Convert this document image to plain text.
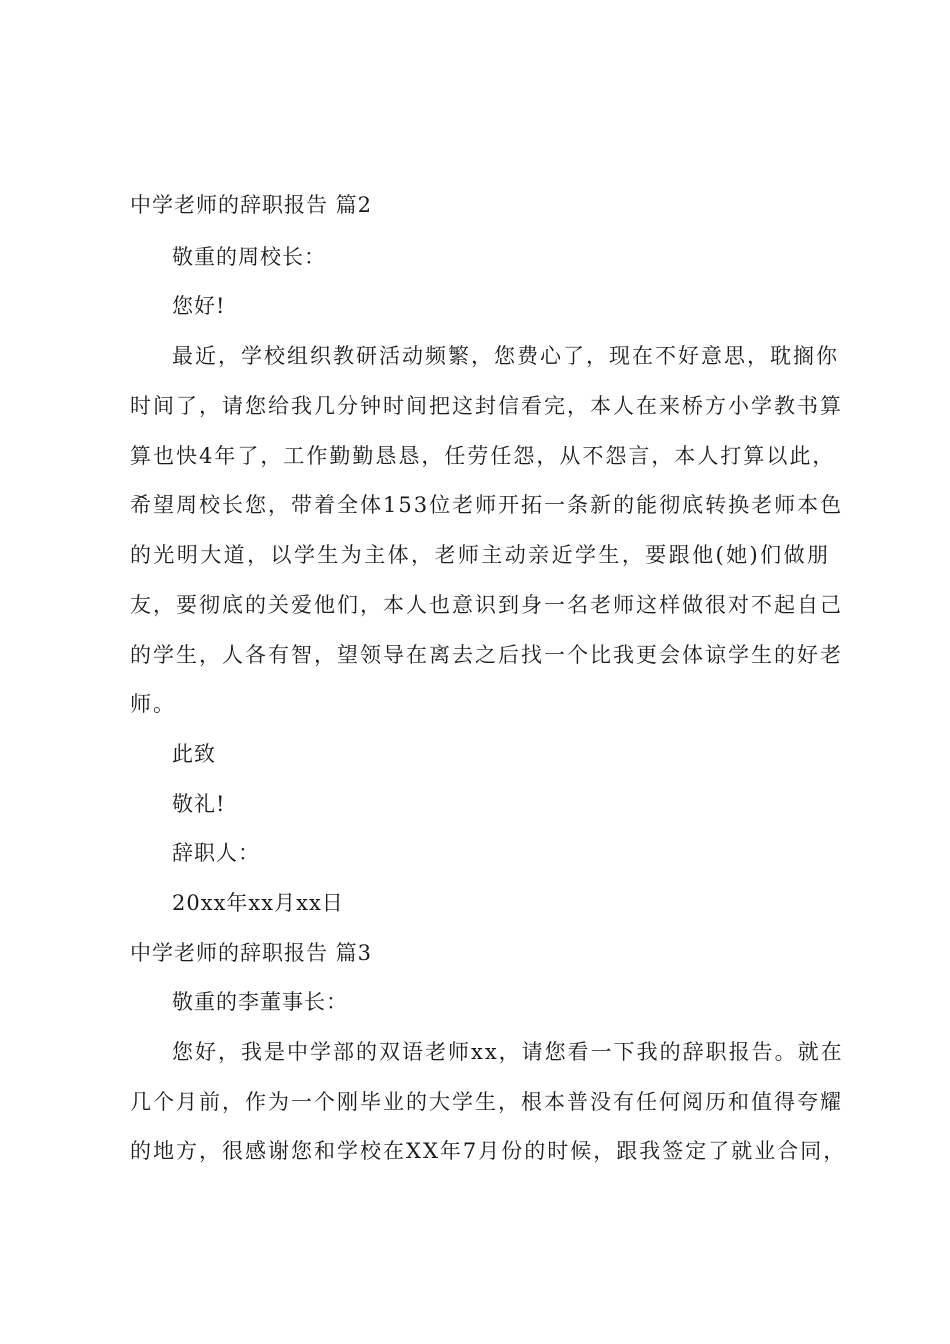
中学老师的辞职报告 篇2
敬重的周校长：
您好!
最近，学校组织教研活动频繁，您费心了，现在不好意思，耽搁你
时间了，请您给我几分钟时间把这封信看完，本人在来桥方小学教书算
算也快4年了，工作勤勤恳恳，任劳任怨，从不怨言，本人打算以此，
希望周校长您，带着全体153位老师开拓一条新的能彻底转换老师本色
的光明大道，以学生为主体，老师主动亲近学生，要跟他(她)们做朋
友，要彻底的关爱他们，本人也意识到身一名老师这样做很对不起自己
的学生，人各有智，望领导在离去之后找一个比我更会体谅学生的好老
师。
此致
敬礼!
辞职人：
20xx年xx月xx日
中学老师的辞职报告 篇3
敬重的李董事长：
您好，我是中学部的双语老师xx，请您看一下我的辞职报告。就在
几个月前，作为一个刚毕业的大学生，根本普没有任何阅历和值得夸耀
的地方，很感谢您和学校在XX年7月份的时候，跟我签定了就业合同，
